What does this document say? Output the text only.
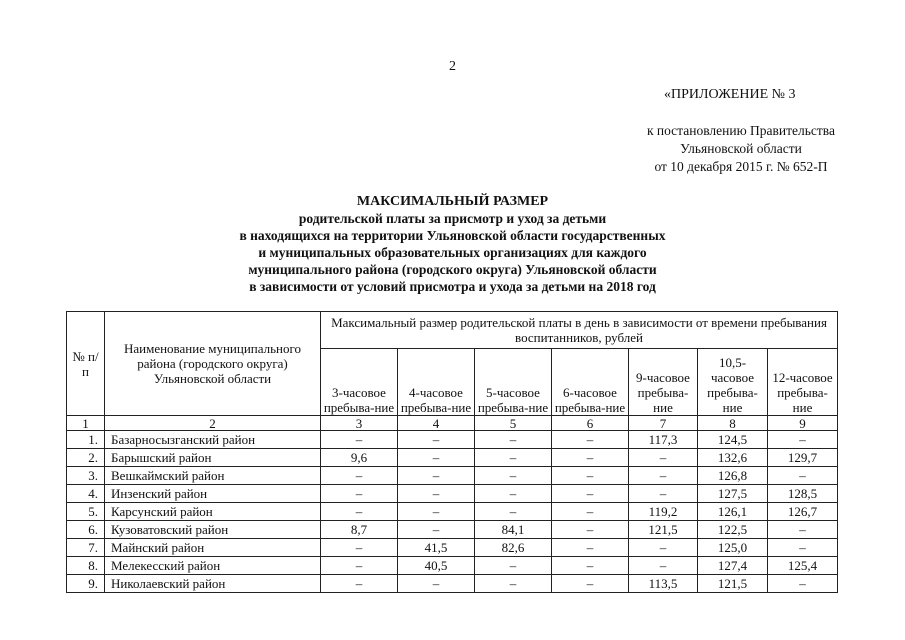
2
«ПРИЛОЖЕНИЕ № 3
к постановлению Правительства
Ульяновской области
от 10 декабря 2015 г. № 652-П
МАКСИМАЛЬНЫЙ РАЗМЕР
родительской платы за присмотр и уход за детьми
в находящихся на территории Ульяновской области государственных
и муниципальных образовательных организациях для каждого
муниципального района (городского округа) Ульяновской области
в зависимости от условий присмотра и ухода за детьми на 2018 год
№ п/п	Наименование муниципального района (городского округа) Ульяновской области	Максимальный размер родительской платы в день в зависимости от времени пребывания воспитанников, рублей						
		3-часовое пребыва-ние	4-часовое пребыва-ние	5-часовое пребыва-ние	6-часовое пребыва-ние	9-часовое пребыва-ние	10,5-часовое пребыва-ние	12-часовое пребыва-ние
1	2	3	4	5	6	7	8	9
1.	Базарносызганский район	–	–	–	–	117,3	124,5	–
2.	Барышский район	9,6	–	–	–	–	132,6	129,7
3.	Вешкаймский район	–	–	–	–	–	126,8	–
4.	Инзенский район	–	–	–	–	–	127,5	128,5
5.	Карсунский район	–	–	–	–	119,2	126,1	126,7
6.	Кузоватовский район	8,7	–	84,1	–	121,5	122,5	–
7.	Майнский район	–	41,5	82,6	–	–	125,0	–
8.	Мелекесский район	–	40,5	–	–	–	127,4	125,4
9.	Николаевский район	–	–	–	–	113,5	121,5	–
